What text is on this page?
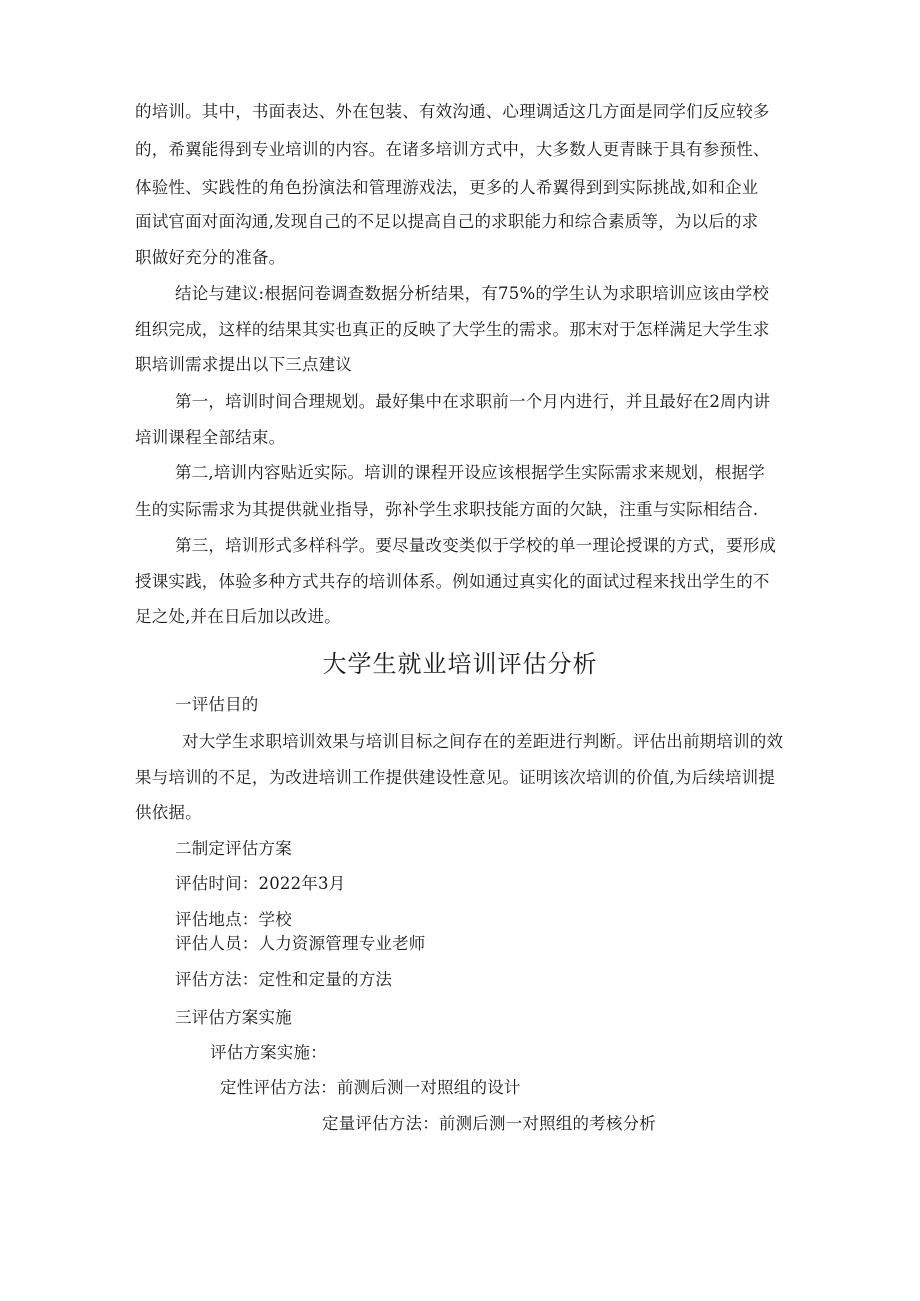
的培训。其中，书面表达、外在包装、有效沟通、心理调适这几方面是同学们反应较多
的，希翼能得到专业培训的内容。在诸多培训方式中，大多数人更青睐于具有参预性、
体验性、实践性的角色扮演法和管理游戏法，更多的人希翼得到到实际挑战,如和企业
面试官面对面沟通,发现自己的不足以提高自己的求职能力和综合素质等，为以后的求
职做好充分的准备。
结论与建议:根据问卷调查数据分析结果，有75%的学生认为求职培训应该由学校
组织完成，这样的结果其实也真正的反映了大学生的需求。那末对于怎样满足大学生求
职培训需求提出以下三点建议
第一，培训时间合理规划。最好集中在求职前一个月内进行，并且最好在2周内讲
培训课程全部结束。
第二,培训内容贴近实际。培训的课程开设应该根据学生实际需求来规划，根据学
生的实际需求为其提供就业指导，弥补学生求职技能方面的欠缺，注重与实际相结合.
第三，培训形式多样科学。要尽量改变类似于学校的单一理论授课的方式，要形成
授课实践，体验多种方式共存的培训体系。例如通过真实化的面试过程来找出学生的不
足之处,并在日后加以改进。
大学生就业培训评估分析
一评估目的
对大学生求职培训效果与培训目标之间存在的差距进行判断。评估出前期培训的效
果与培训的不足，为改进培训工作提供建设性意见。证明该次培训的价值,为后续培训提
供依据。
二制定评估方案
评估时间：2022年3月
评估地点：学校
评估人员：人力资源管理专业老师
评估方法：定性和定量的方法
三评估方案实施
评估方案实施：
定性评估方法：前测后测一对照组的设计
定量评估方法：前测后测一对照组的考核分析
